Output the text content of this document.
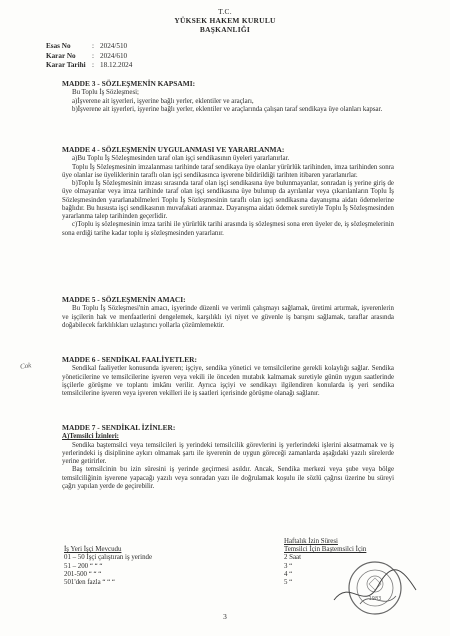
T.C.
YÜKSEK HAKEM KURULU
BAŞKANLIĞI
Esas No	: 2024/510
Karar No	: 2024/610
Karar Tarihi : 18.12.2024
MADDE 3 - SÖZLEŞMENİN KAPSAMI:

Bu Toplu İş Sözleşmesi;

a)İşverene ait işyerleri, işyerine bağlı yerler, eklentiler ve araçları,

b)İşverene ait işyerleri, işyerine bağlı yerler, eklentiler ve araçlarında çalışan taraf sendikaya üye olanları kapsar.

MADDE 4 - SÖZLEŞMENİN UYGULANMASI VE YARARLANMA:

a)Bu Toplu İş Sözleşmesinden taraf olan işçi sendikasının üyeleri yararlanırlar.

Toplu İş Sözleşmesinin imzalanması tarihinde taraf sendikaya üye olanlar yürürlük tarihinden, imza tarihinden sonra üye olanlar ise üyeliklerinin taraflı olan işçi sendikasınca işverene bildirildiği tarihten itibaren yararlanırlar.

b)Toplu İş Sözleşmesinin imzası sırasında taraf olan işçi sendikasına üye bulunmayanlar, sonradan iş yerine giriş de üye olmayanlar veya imza tarihinde taraf olan işçi sendikasına üye bulunup da ayrılanlar veya çıkarılanların Toplu İş Sözleşmesinden yararlanabilmeleri Toplu İş Sözleşmesinin taraflı olan işçi sendikasına dayanışma aidatı ödemelerine bağlıdır. Bu hususta işçi sendikasının muvafakati aranmaz. Dayanışma aidatı ödemek suretiyle Toplu İş Sözleşmesinden yararlanma talep tarihinden geçerlidir.

c)Toplu iş sözleşmesinin imza tarihi ile yürürlük tarihi arasında iş sözleşmesi sona eren üyeler de, iş sözleşmelerinin sona erdiği tarihe kadar toplu iş sözleşmesinden yararlanır.

MADDE 5 - SÖZLEŞMENİN AMACI:

Bu Toplu İş Sözleşmesi'nin amacı, işyerinde düzenli ve verimli çalışmayı sağlamak, üretimi artırmak, işverenlerin ve işçilerin hak ve menfaatlerini dengelemek, karşılıklı iyi niyet ve güvenle iş barışını sağlamak, taraflar arasında doğabilecek farklılıkları uzlaştırıcı yollarla çözümlemektir.

MADDE 6 - SENDİKAL FAALİYETLER:

Sendikal faaliyetler konusunda işveren; işçiye, sendika yönetici ve temsilcilerine gerekli kolaylığı sağlar. Sendika yöneticilerine ve temsilcilerine işveren veya vekili ile önceden mutabık kalmamak suretiyle günün uygun saatlerinde işçilerle görüşme ve toplantı imkânı verilir. Ayrıca işçiyi ve sendikayı ilgilendiren konularda iş yeri sendika temsilcilerine işveren veya işveren vekilleri ile iş saatleri içerisinde görüşme olanağı sağlanır.

Cok
MADDE 7 - SENDİKAL İZİNLER:

A)Temsilci İzinleri:

Sendika baştemsilci veya temsilcileri iş yerindeki temsilcilik görevlerini iş yerlerindeki işlerini aksatmamak ve iş yerlerindeki iş disiplinine aykırı olmamak şartı ile işverenin de uygun göreceği zamanlarda aşağıdaki yazılı sürelerde yerine getirirler.

Baş temsilcinin bu izin süresini iş yerinde geçirmesi asıldır. Ancak, Sendika merkezi veya şube veya bölge temsilciliğinin işverene yapacağı yazılı veya sonradan yazı ile doğrulamak koşulu ile sözlü çağrısı üzerine bu süreyi çağrı yapılan yerde de geçirebilir.

Haftalık İzin Süresi
İş Yeri İşçi Mevcudu	Temsilci İçin Baştemsilci İçin
01 – 50 İşçi çalıştıran iş yerinde	2 Saat
51 – 200 “ “ “	3 “
201-500 “ “ “	4 “
501'den fazla “ “ “	5 “
1983
3
